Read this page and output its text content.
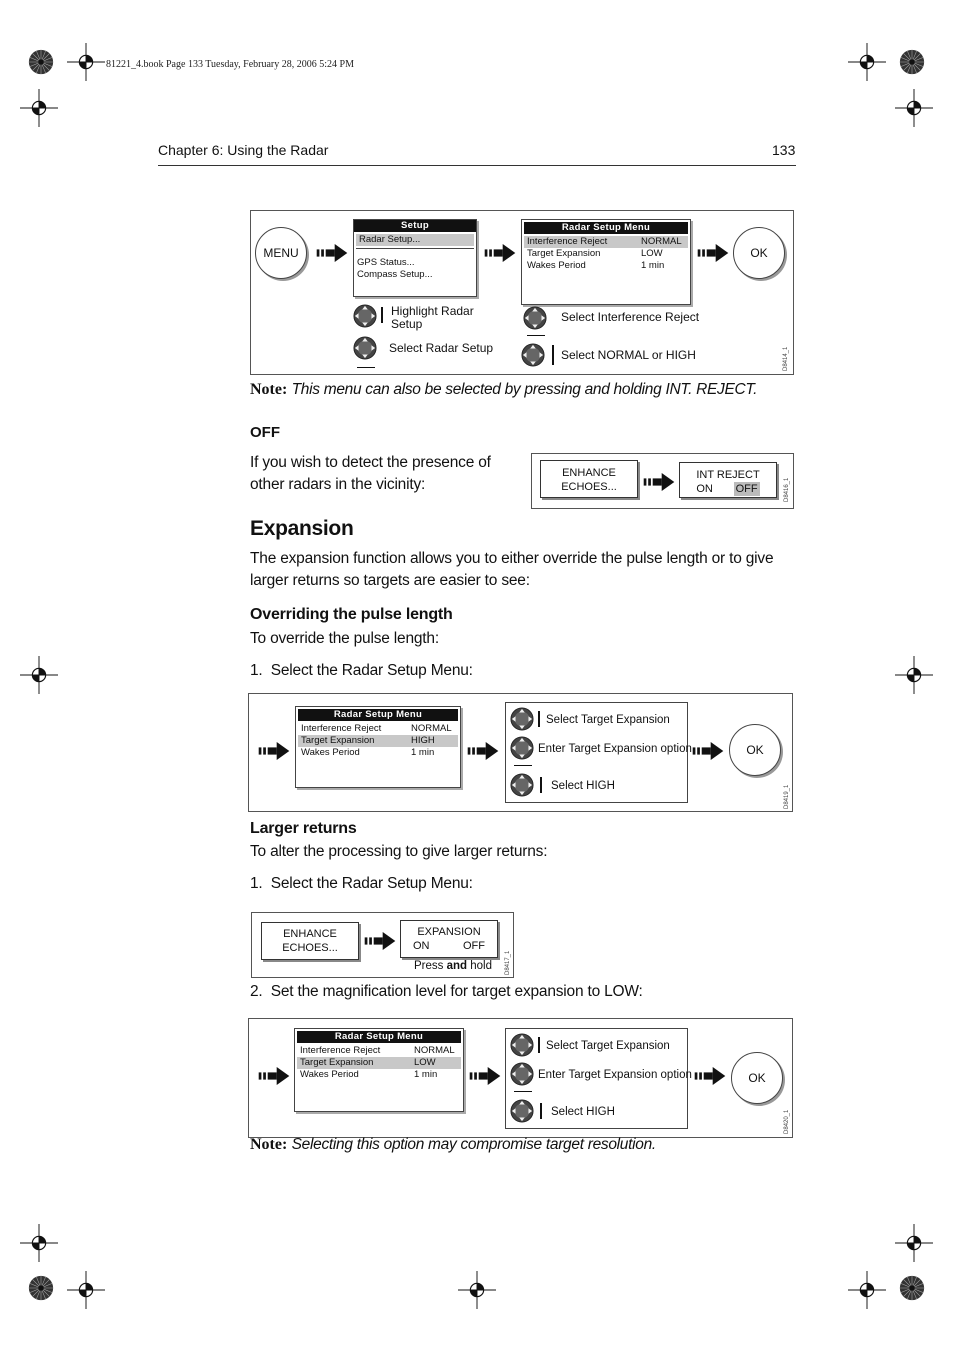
81221_4.book Page 133 Tuesday, February 28, 2006 5:24 PM
Chapter 6: Using the Radar	133
MENU
Setup
Radar Setup...
GPS Status...
Compass Setup...
Radar Setup Menu
Interference Reject	NORMAL
Target Expansion	LOW
Wakes Period	1 min
OK
Highlight Radar
Setup
Select Radar Setup
Select Interference Reject
Select NORMAL or HIGH	D8414_1
Note: This menu can also be selected by pressing and holding INT. REJECT.
OFF
If you wish to detect the presence of other radars in the vicinity:
ENHANCE
ECHOES...
INT REJECT
ON OFF	D8416_1
Expansion
The expansion function allows you to either override the pulse length or to give larger returns so targets are easier to see:
Overriding the pulse length
To override the pulse length:
1.  Select the Radar Setup Menu:
Radar Setup Menu
Interference Reject	NORMAL
Target Expansion	HIGH
Wakes Period	1 min
Select Target Expansion
Enter Target Expansion option
Select HIGH
OK
D8419_1
Larger returns
To alter the processing to give larger returns:
1.  Select the Radar Setup Menu:
ENHANCE
ECHOES...
EXPANSION
ON	OFF
Press and hold D8417_1
2.  Set the magnification level for target expansion to LOW:
Radar Setup Menu
Interference Reject	NORMAL
Target Expansion	LOW
Wakes Period	1 min
Select Target Expansion
Enter Target Expansion option
Select HIGH
OK
D8420_1
Note: Selecting this option may compromise target resolution.
